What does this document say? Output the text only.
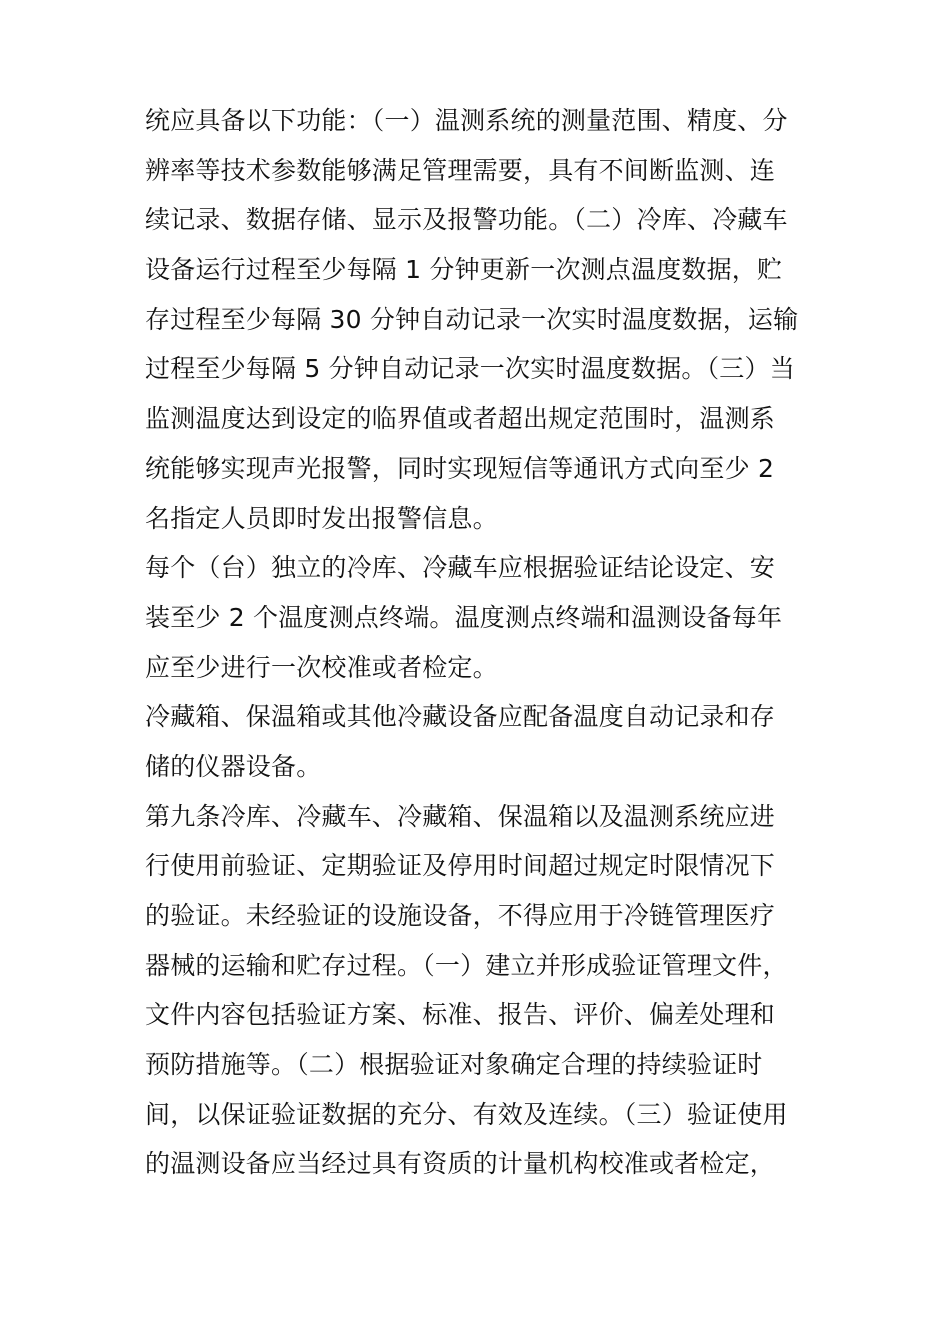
统应具备以下功能：（一）温测系统的测量范围、精度、分
辨率等技术参数能够满足管理需要，具有不间断监测、连
续记录、数据存储、显示及报警功能。（二）冷库、冷藏车
设备运行过程至少每隔 1 分钟更新一次测点温度数据，贮
存过程至少每隔 30 分钟自动记录一次实时温度数据，运输
过程至少每隔 5 分钟自动记录一次实时温度数据。（三）当
监测温度达到设定的临界值或者超出规定范围时，温测系
统能够实现声光报警，同时实现短信等通讯方式向至少 2
名指定人员即时发出报警信息。
每个（台）独立的冷库、冷藏车应根据验证结论设定、安
装至少 2 个温度测点终端。温度测点终端和温测设备每年
应至少进行一次校准或者检定。
冷藏箱、保温箱或其他冷藏设备应配备温度自动记录和存
储的仪器设备。
第九条冷库、冷藏车、冷藏箱、保温箱以及温测系统应进
行使用前验证、定期验证及停用时间超过规定时限情况下
的验证。未经验证的设施设备，不得应用于冷链管理医疗
器械的运输和贮存过程。（一）建立并形成验证管理文件，
文件内容包括验证方案、标准、报告、评价、偏差处理和
预防措施等。（二）根据验证对象确定合理的持续验证时
间，以保证验证数据的充分、有效及连续。（三）验证使用
的温测设备应当经过具有资质的计量机构校准或者检定，
